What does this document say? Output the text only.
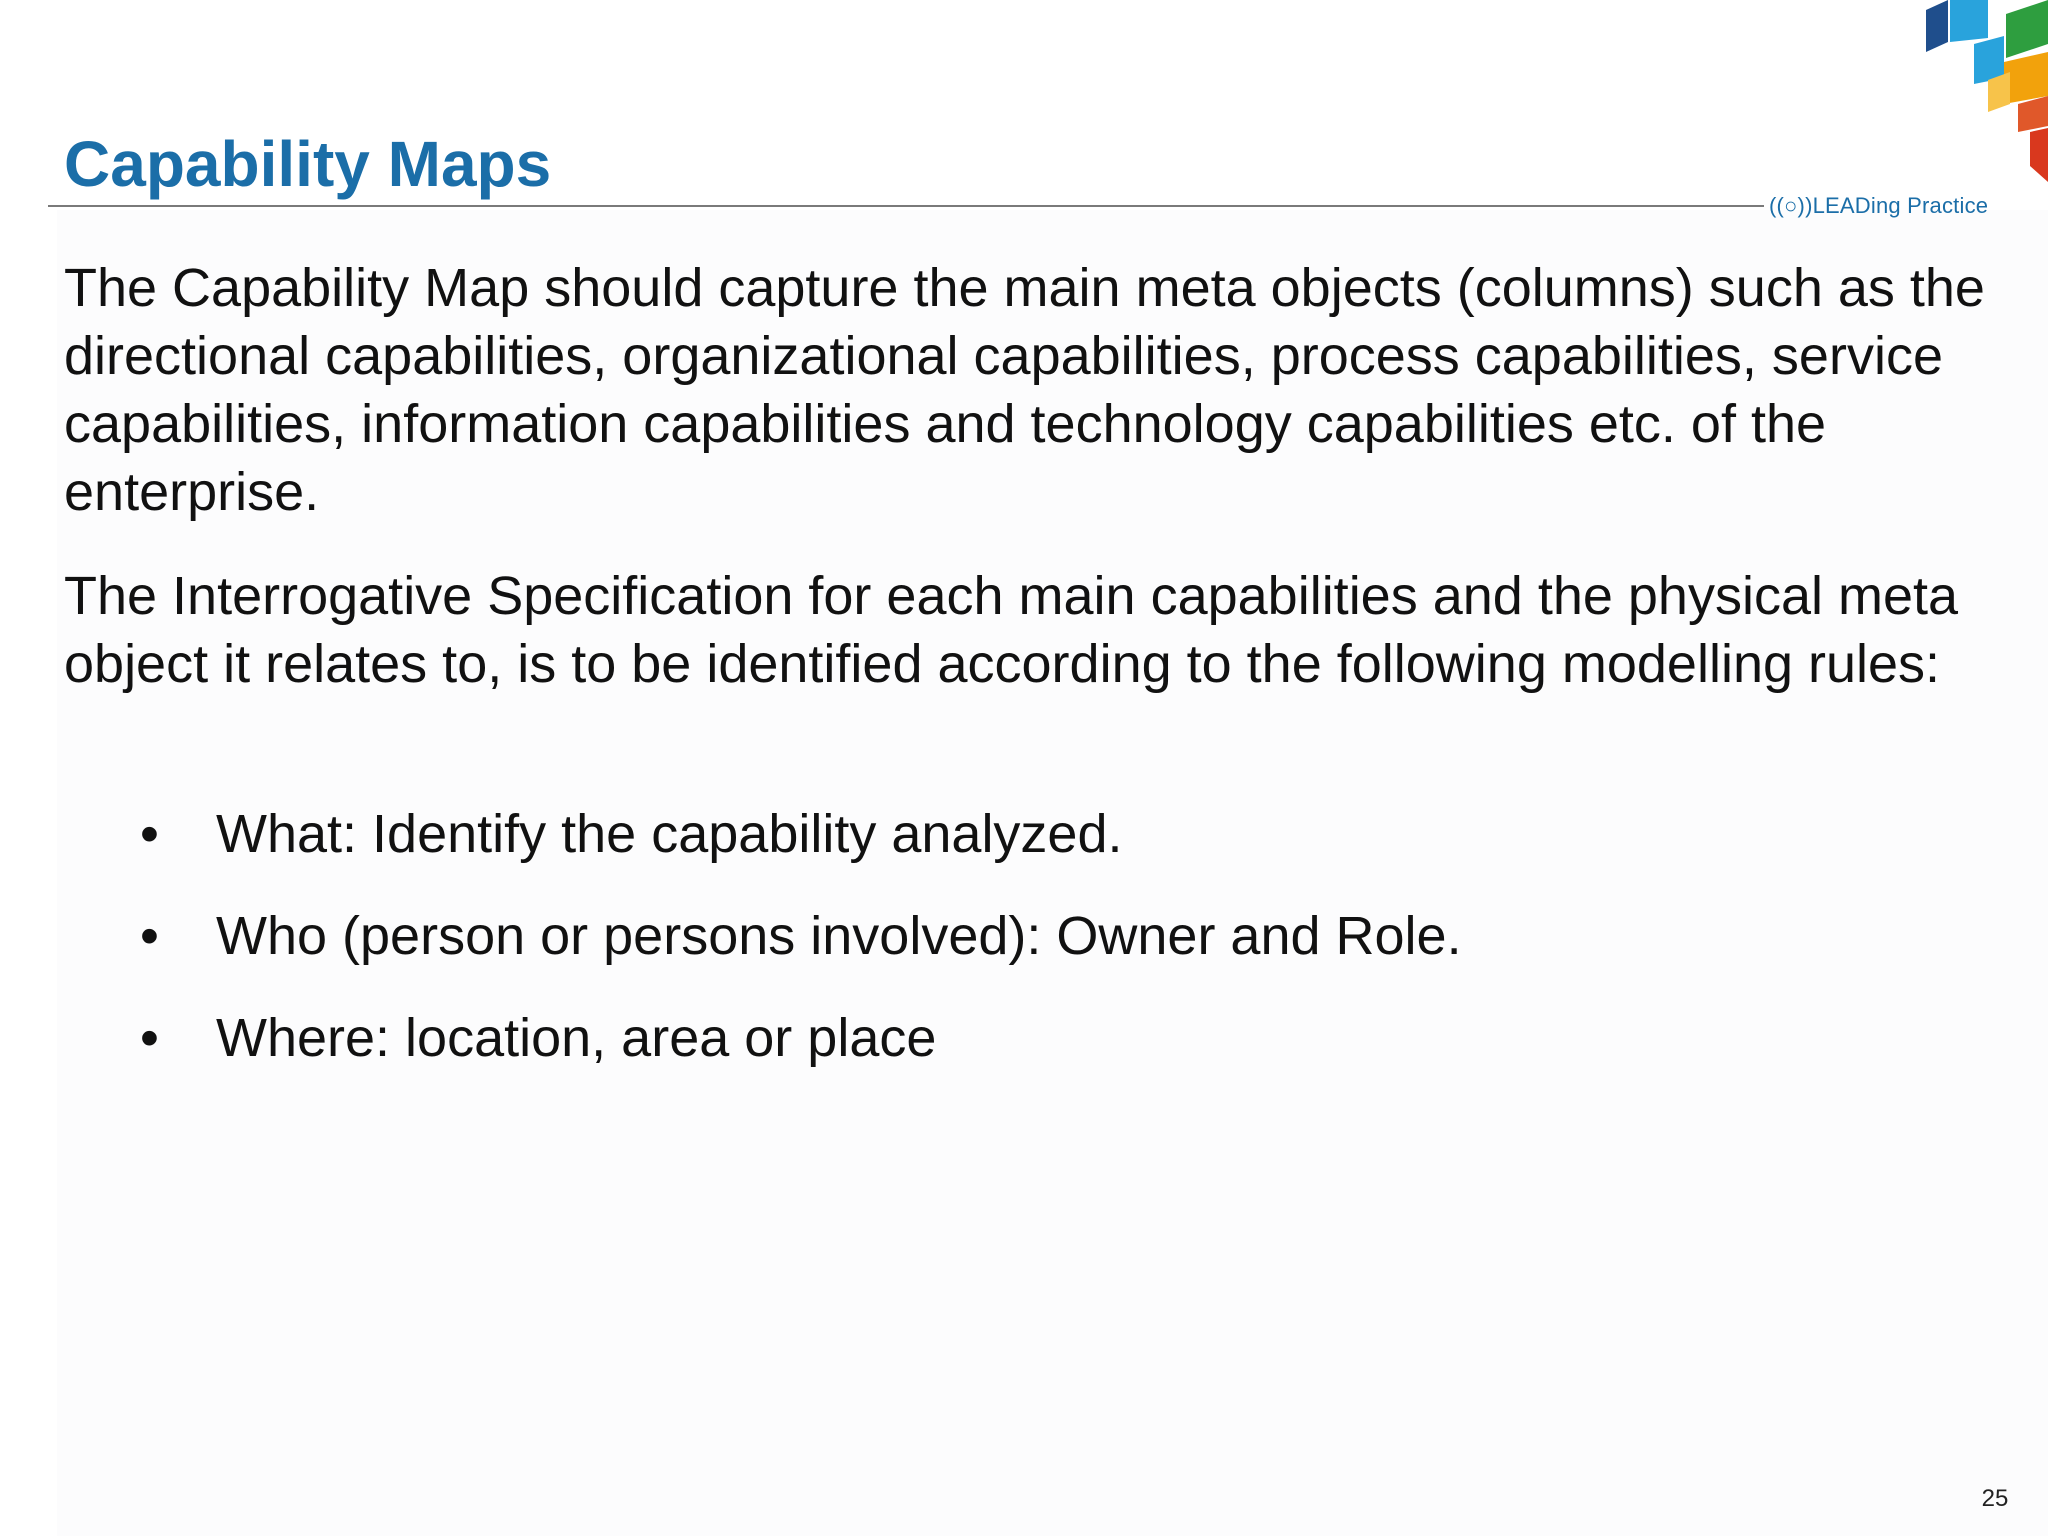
Capability Maps
((○))LEADing Practice

The Capability Map should capture the main meta objects (columns) such as the directional capabilities, organizational capabilities, process capabilities, service capabilities, information capabilities and technology capabilities etc. of the enterprise.

The Interrogative Specification for each main capabilities and the physical meta object it relates to, is to be identified according to the following modelling rules:

• What: Identify the capability analyzed.
• Who (person or persons involved): Owner and Role.
• Where: location, area or place
25
